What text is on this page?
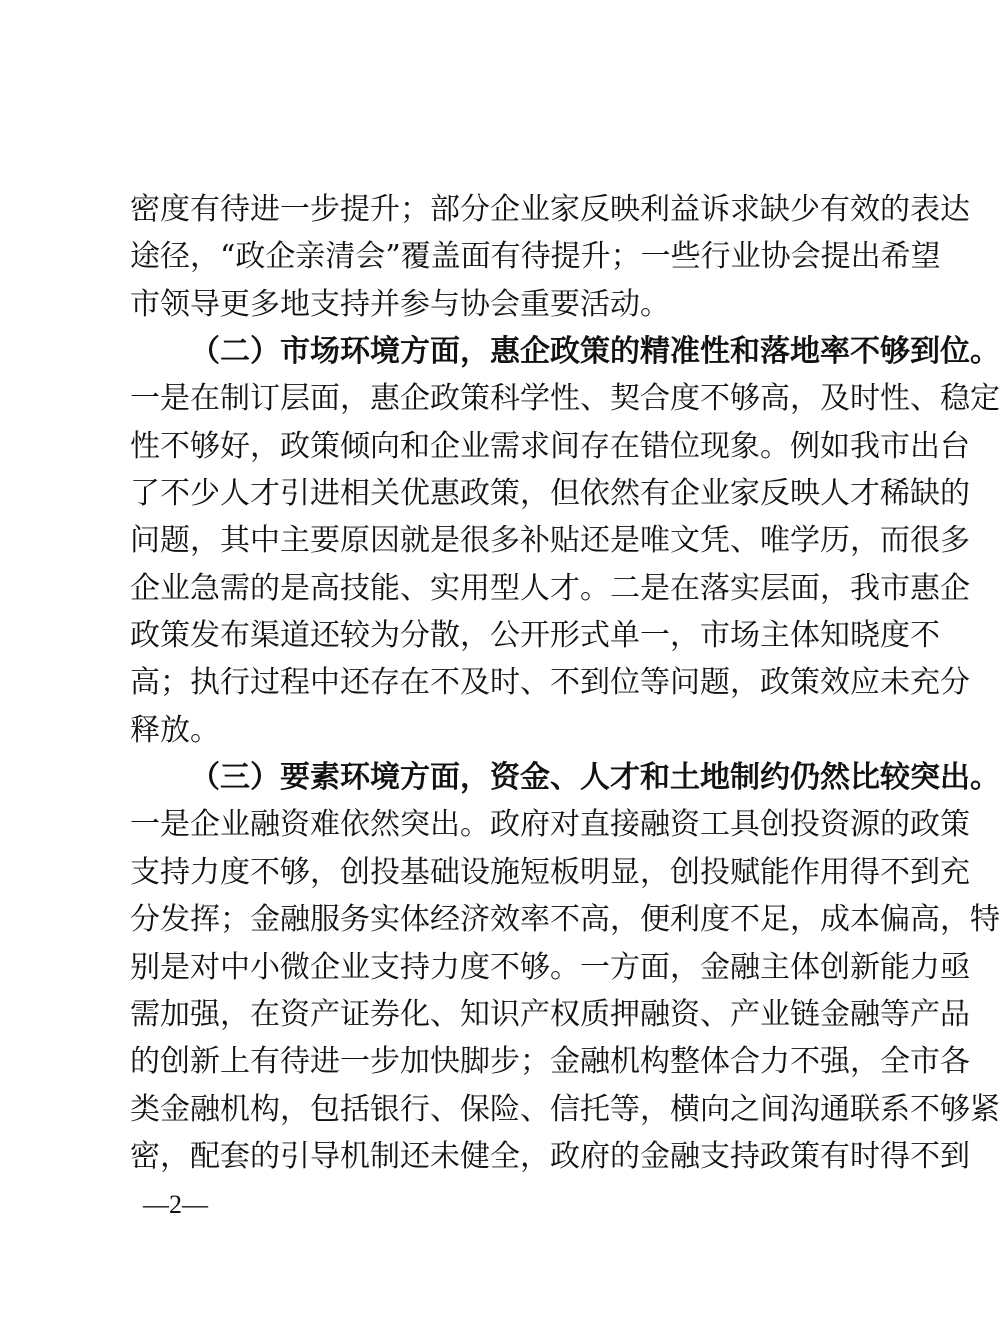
密度有待进一步提升；部分企业家反映利益诉求缺少有效的表达
途径，“政企亲清会”覆盖面有待提升；一些行业协会提出希望
市领导更多地支持并参与协会重要活动。
（二）市场环境方面，惠企政策的精准性和落地率不够到位。
一是在制订层面，惠企政策科学性、契合度不够高，及时性、稳定
性不够好，政策倾向和企业需求间存在错位现象。例如我市出台
了不少人才引进相关优惠政策，但依然有企业家反映人才稀缺的
问题，其中主要原因就是很多补贴还是唯文凭、唯学历，而很多
企业急需的是高技能、实用型人才。二是在落实层面，我市惠企
政策发布渠道还较为分散，公开形式单一，市场主体知晓度不
高；执行过程中还存在不及时、不到位等问题，政策效应未充分
释放。
（三）要素环境方面，资金、人才和土地制约仍然比较突出。
一是企业融资难依然突出。政府对直接融资工具创投资源的政策
支持力度不够，创投基础设施短板明显，创投赋能作用得不到充
分发挥；金融服务实体经济效率不高，便利度不足，成本偏高，特
别是对中小微企业支持力度不够。一方面，金融主体创新能力亟
需加强，在资产证券化、知识产权质押融资、产业链金融等产品
的创新上有待进一步加快脚步；金融机构整体合力不强，全市各
类金融机构，包括银行、保险、信托等，横向之间沟通联系不够紧
密，配套的引导机制还未健全，政府的金融支持政策有时得不到
—2—
